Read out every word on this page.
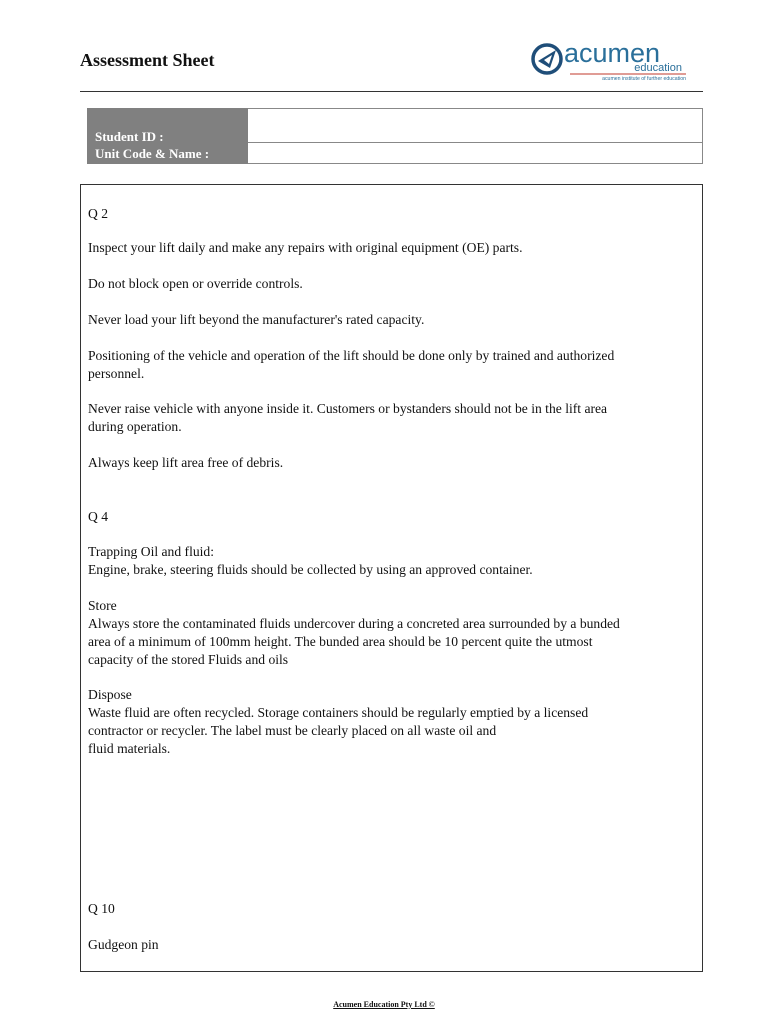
Assessment Sheet	acumen
education
acumen institute of further education
Student ID :	
Unit Code & Name :	

Q 2

Inspect your lift daily and make any repairs with original equipment (OE) parts.

Do not block open or override controls.

Never load your lift beyond the manufacturer's rated capacity.

Positioning of the vehicle and operation of the lift should be done only by trained and authorized
personnel.

Never raise vehicle with anyone inside it. Customers or bystanders should not be in the lift area
during operation.

Always keep lift area free of debris.

Q 4

Trapping Oil and fluid:
Engine, brake, steering fluids should be collected by using an approved container.

Store
Always store the contaminated fluids undercover during a concreted area surrounded by a bunded
area of a minimum of 100mm height. The bunded area should be 10 percent quite the utmost
capacity of the stored Fluids and oils

Dispose
Waste fluid are often recycled. Storage containers should be regularly emptied by a licensed
contractor or recycler. The label must be clearly placed on all waste oil and
fluid materials.

Q 10

Gudgeon pin

Acumen Education Pty Ltd ©
